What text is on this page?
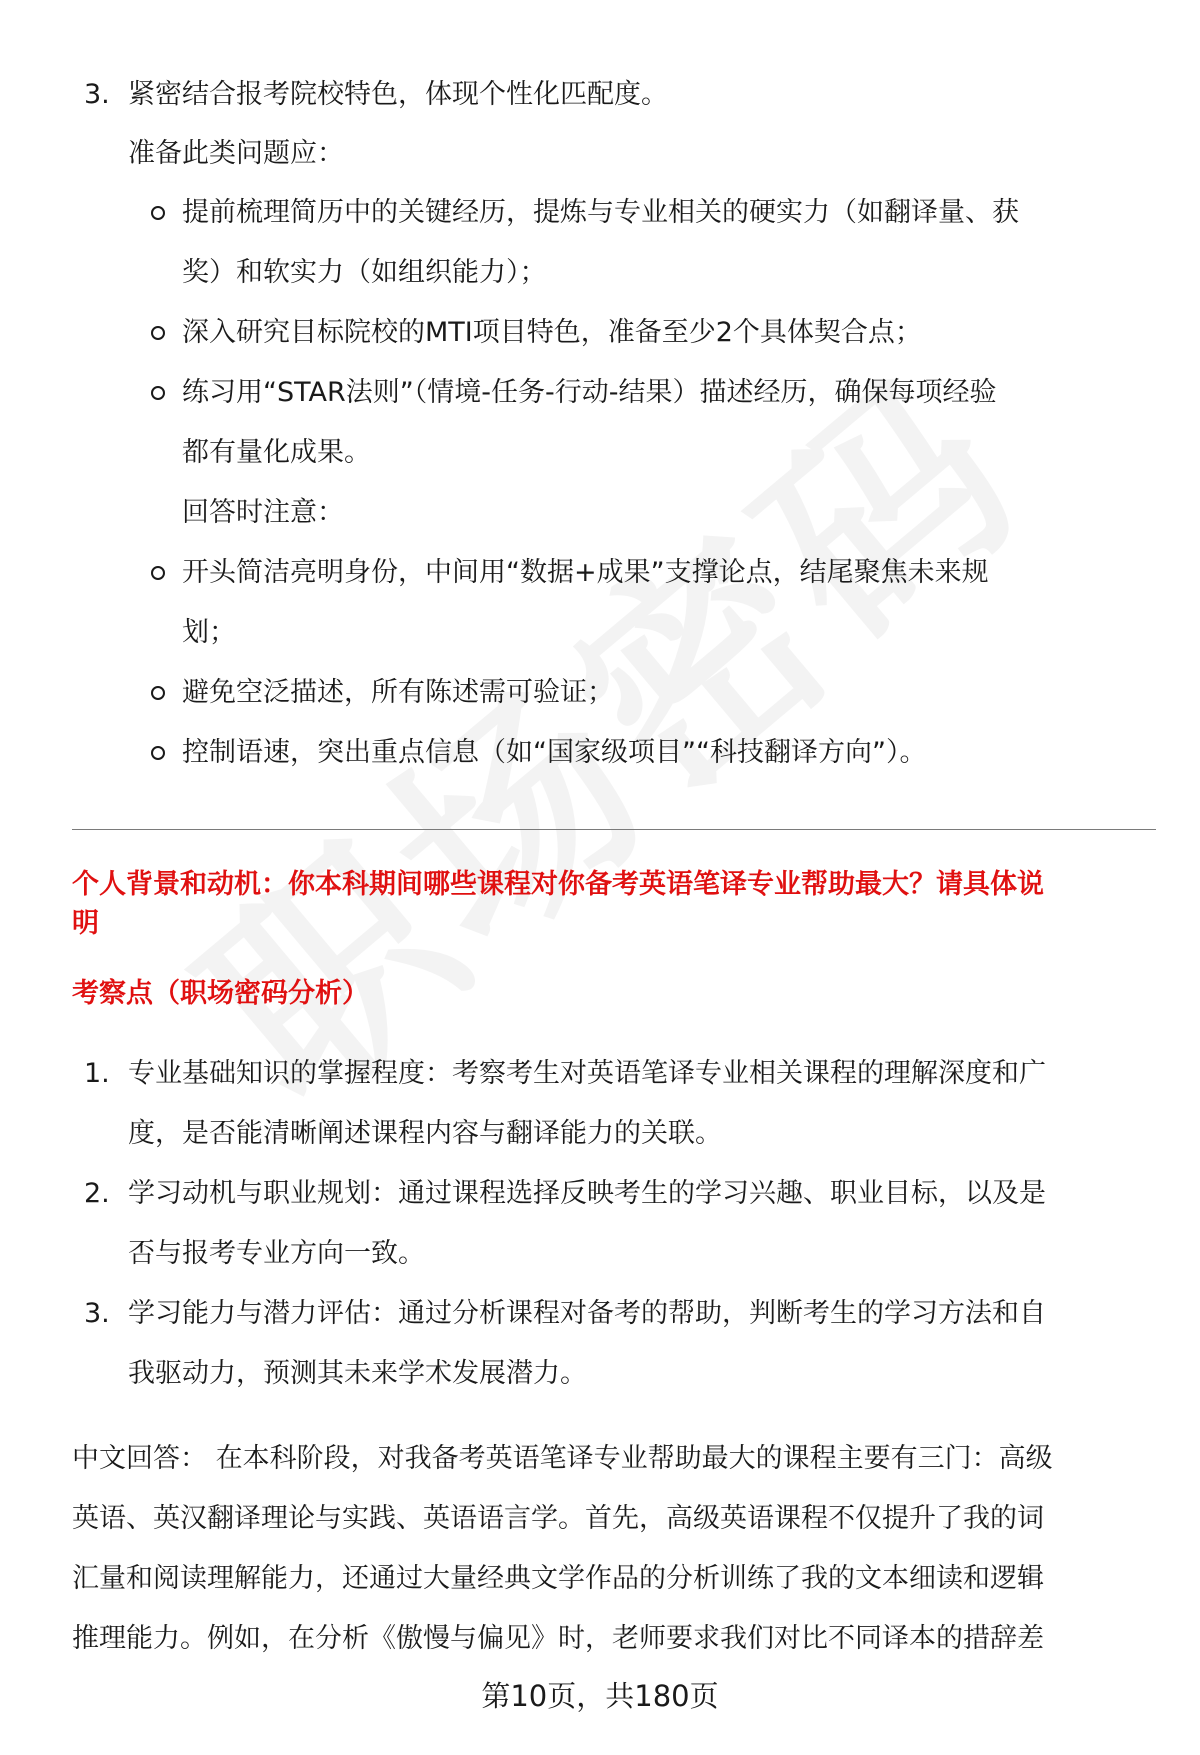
3. 紧密结合报考院校特色，体现个性化匹配度。
准备此类问题应：
提前梳理简历中的关键经历，提炼与专业相关的硬实力（如翻译量、获
奖）和软实力（如组织能力）；
深入研究目标院校的MTI项目特色，准备至少2个具体契合点；
练习用“STAR法则”（情境-任务-行动-结果）描述经历，确保每项经验
都有量化成果。
回答时注意：
开头简洁亮明身份，中间用“数据+成果”支撑论点，结尾聚焦未来规
划；
避免空泛描述，所有陈述需可验证；
控制语速，突出重点信息（如“国家级项目”“科技翻译方向”）。
个人背景和动机：你本科期间哪些课程对你备考英语笔译专业帮助最大？请具体说
明
考察点（职场密码分析）
1. 专业基础知识的掌握程度：考察考生对英语笔译专业相关课程的理解深度和广
度，是否能清晰阐述课程内容与翻译能力的关联。
2. 学习动机与职业规划：通过课程选择反映考生的学习兴趣、职业目标，以及是
否与报考专业方向一致。
3. 学习能力与潜力评估：通过分析课程对备考的帮助，判断考生的学习方法和自
我驱动力，预测其未来学术发展潜力。
中文回答： 在本科阶段，对我备考英语笔译专业帮助最大的课程主要有三门：高级
英语、英汉翻译理论与实践、英语语言学。首先，高级英语课程不仅提升了我的词
汇量和阅读理解能力，还通过大量经典文学作品的分析训练了我的文本细读和逻辑
推理能力。例如，在分析《傲慢与偏见》时，老师要求我们对比不同译本的措辞差
第10页，共180页
